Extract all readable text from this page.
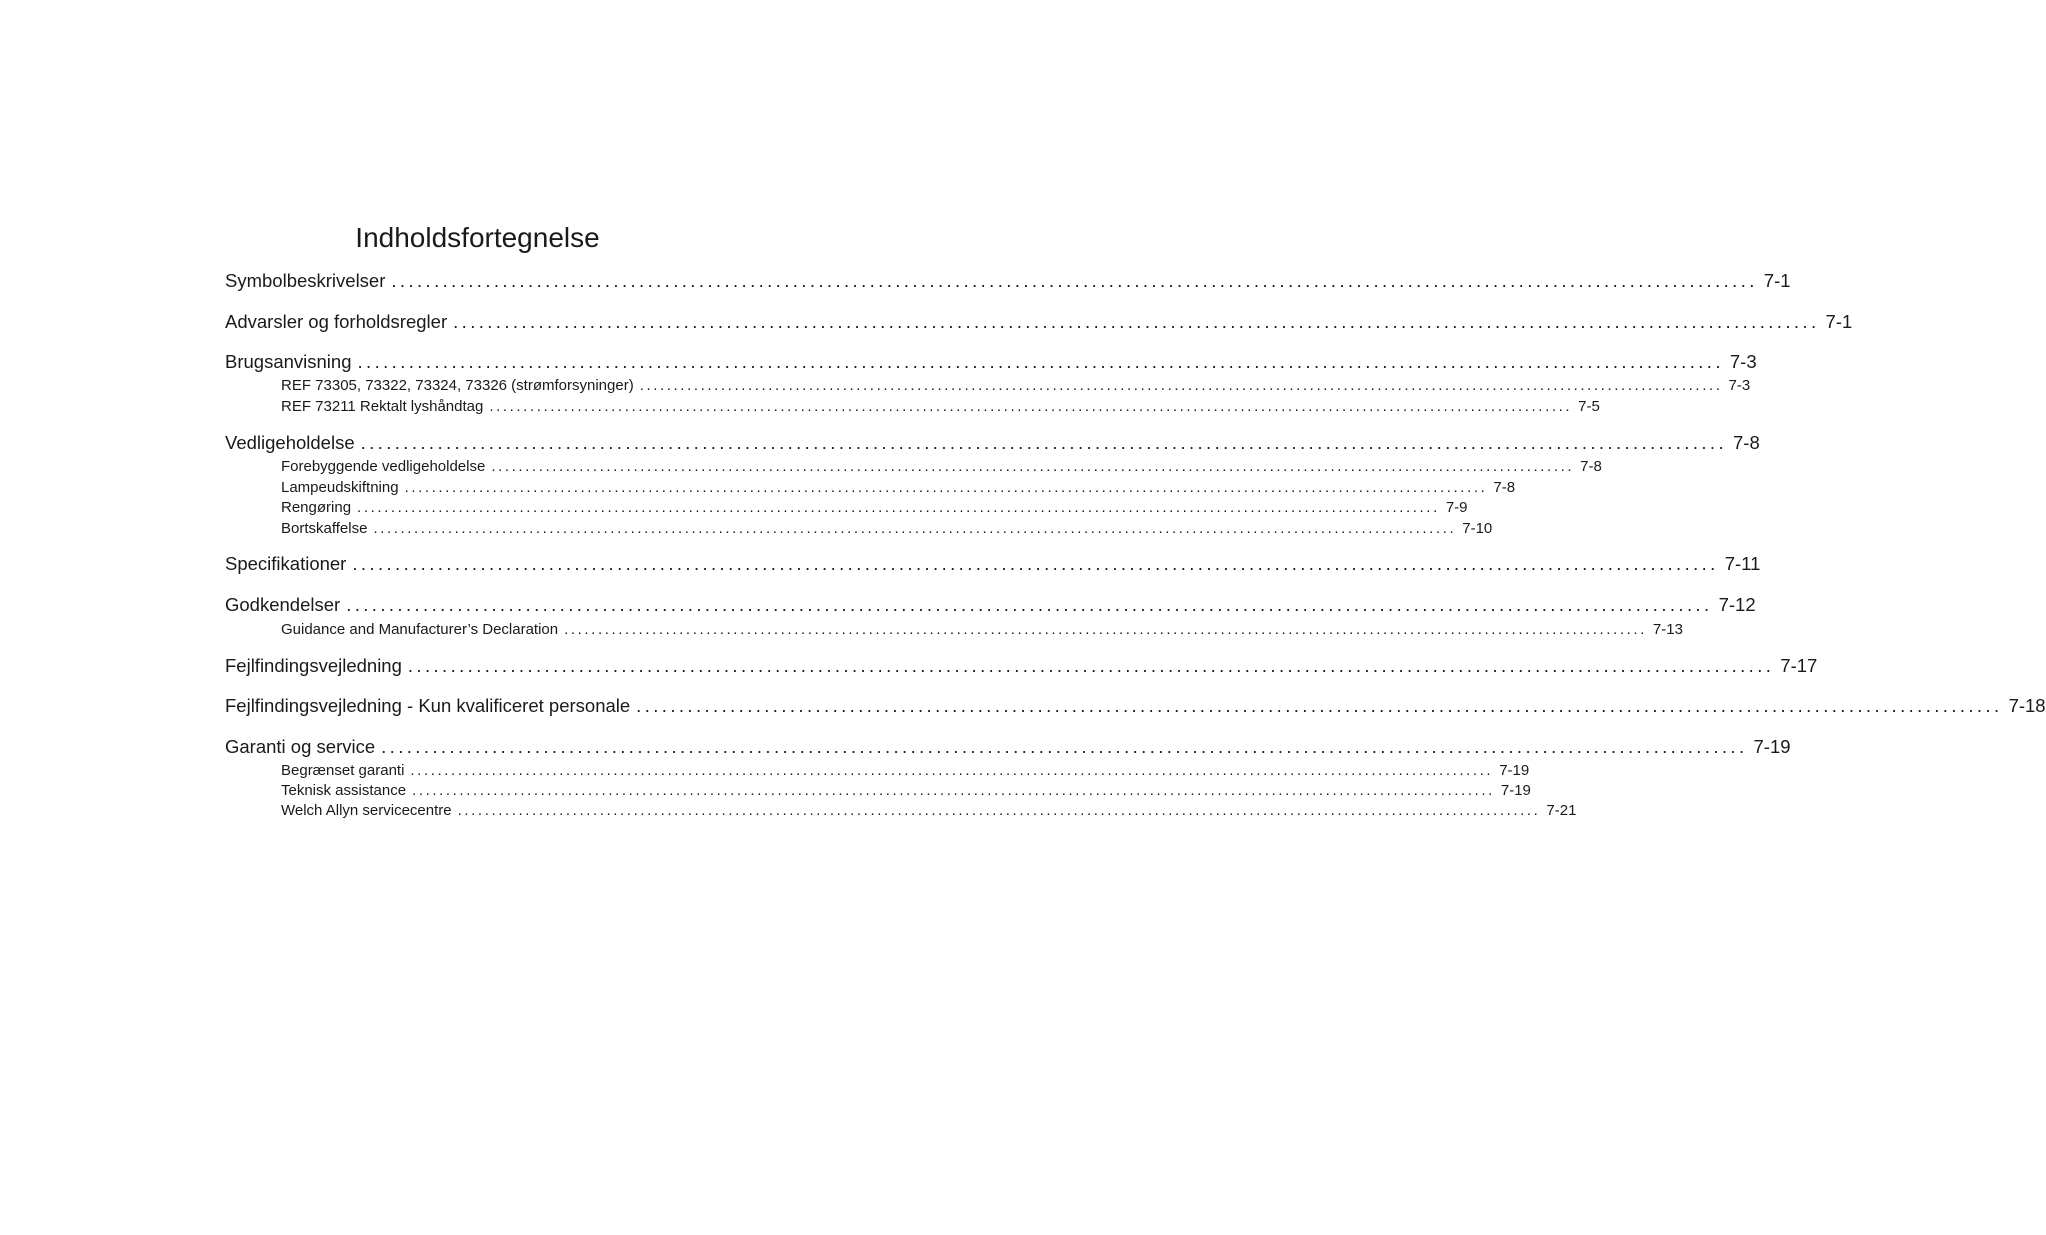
Indholdsfortegnelse
Symbolbeskrivelser ................................................................................................................................................................ 7-1
Advarsler og forholdsregler ................................................................................................................................................................ 7-1
Brugsanvisning ................................................................................................................................................................ 7-3
REF 73305, 73322, 73324, 73326 (strømforsyninger) ................................................................................................................................................................ 7-3
REF 73211 Rektalt lyshåndtag ................................................................................................................................................................ 7-5
Vedligeholdelse ................................................................................................................................................................ 7-8
Forebyggende vedligeholdelse ................................................................................................................................................................ 7-8
Lampeudskiftning ................................................................................................................................................................ 7-8
Rengøring ................................................................................................................................................................ 7-9
Bortskaffelse ................................................................................................................................................................ 7-10
Specifikationer ................................................................................................................................................................ 7-11
Godkendelser ................................................................................................................................................................ 7-12
Guidance and Manufacturer’s Declaration ................................................................................................................................................................ 7-13
Fejlfindingsvejledning ................................................................................................................................................................ 7-17
Fejlfindingsvejledning - Kun kvalificeret personale ................................................................................................................................................................ 7-18
Garanti og service ................................................................................................................................................................ 7-19
Begrænset garanti ................................................................................................................................................................ 7-19
Teknisk assistance ................................................................................................................................................................ 7-19
Welch Allyn servicecentre ................................................................................................................................................................ 7-21
